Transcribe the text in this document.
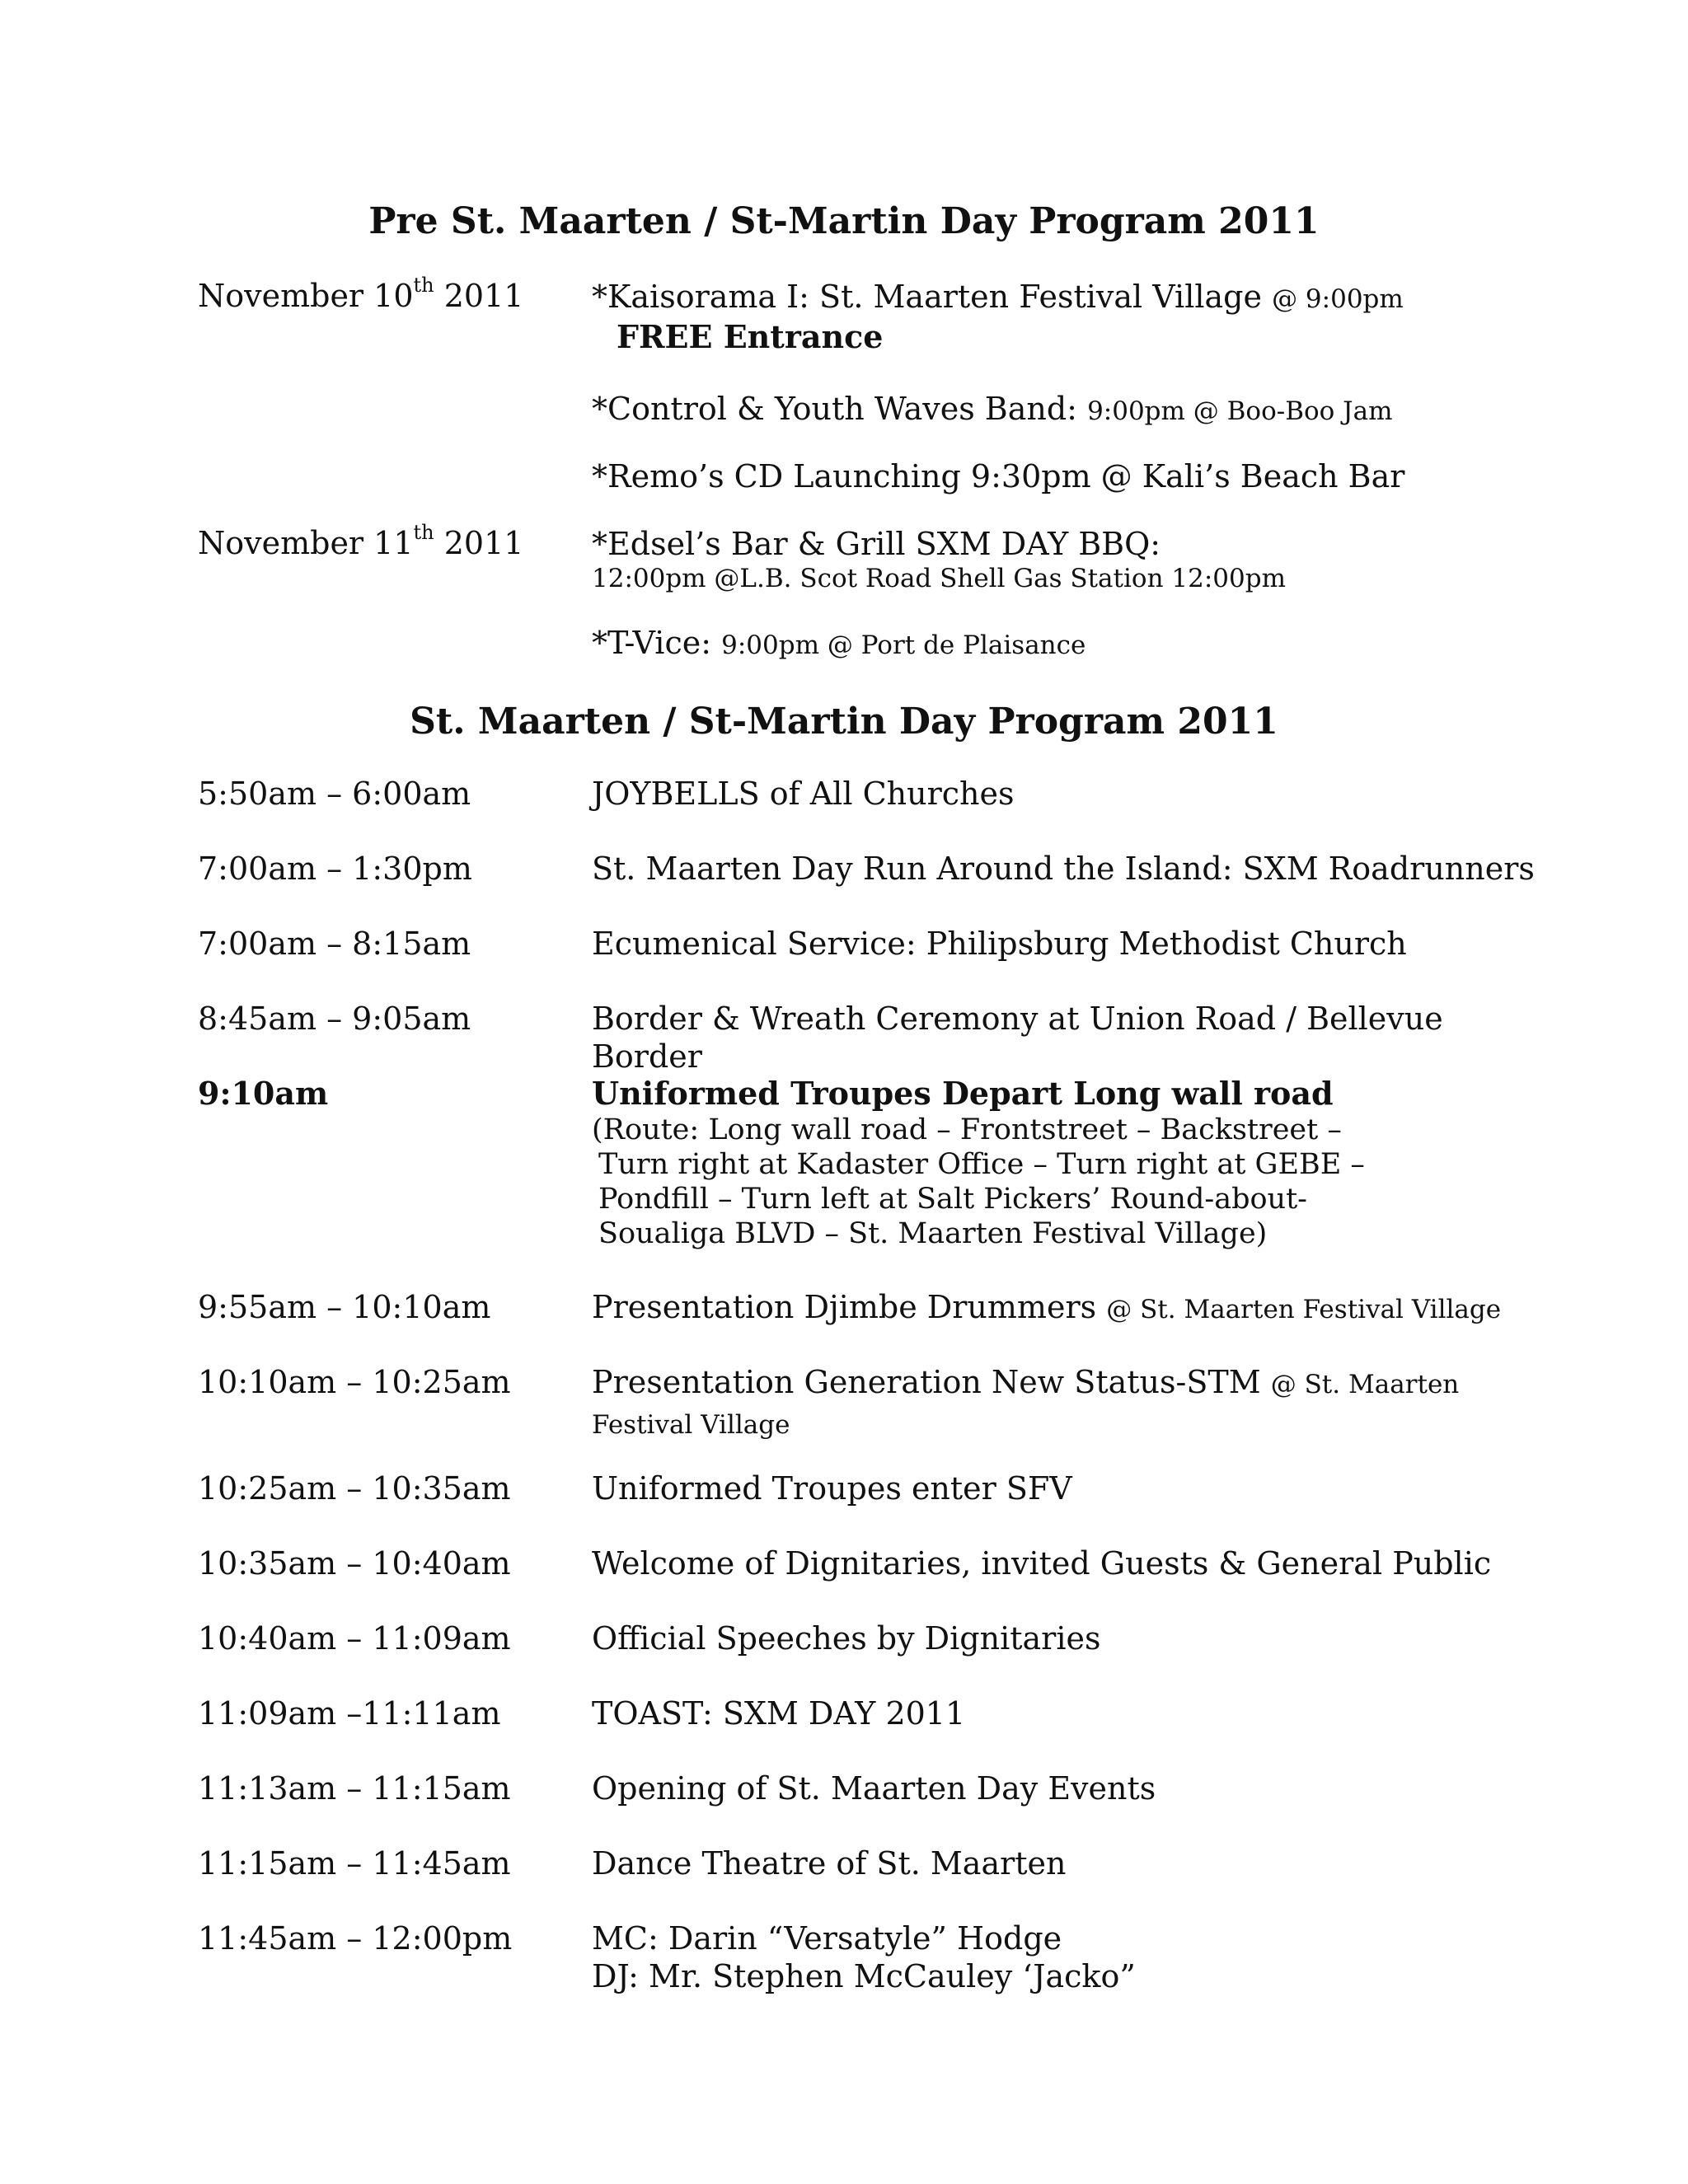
Pre St. Maarten / St-Martin Day Program 2011
November 10th 2011	*Kaisorama I: St. Maarten Festival Village @ 9:00pm
FREE Entrance
*Control & Youth Waves Band: 9:00pm @ Boo-Boo Jam
*Remo’s CD Launching 9:30pm @ Kali’s Beach Bar
November 11th 2011	*Edsel’s Bar & Grill SXM DAY BBQ:

12:00pm @L.B. Scot Road Shell Gas Station 12:00pm
*T-Vice: 9:00pm @ Port de Plaisance
St. Maarten / St-Martin Day Program 2011
5:50am – 6:00am	JOYBELLS of All Churches
7:00am – 1:30pm	St. Maarten Day Run Around the Island: SXM Roadrunners
7:00am – 8:15am	Ecumenical Service: Philipsburg Methodist Church
8:45am – 9:05am	Border & Wreath Ceremony at Union Road / Bellevue Border
9:10am	Uniformed Troupes Depart Long wall road
(Route: Long wall road – Frontstreet – Backstreet –
Turn right at Kadaster Office – Turn right at GEBE –
Pondfill – Turn left at Salt Pickers’ Round-about-
Soualiga BLVD – St. Maarten Festival Village)
9:55am – 10:10am	Presentation Djimbe Drummers @ St. Maarten Festival Village
10:10am – 10:25am	Presentation Generation New Status-STM @ St. Maarten
Festival Village
10:25am – 10:35am	Uniformed Troupes enter SFV
10:35am – 10:40am	Welcome of Dignitaries, invited Guests & General Public
10:40am – 11:09am	Official Speeches by Dignitaries
11:09am –11:11am	TOAST: SXM DAY 2011
11:13am – 11:15am	Opening of St. Maarten Day Events
11:15am – 11:45am	Dance Theatre of St. Maarten
11:45am – 12:00pm	MC: Darin “Versatyle” Hodge
DJ: Mr. Stephen McCauley ‘Jacko”
